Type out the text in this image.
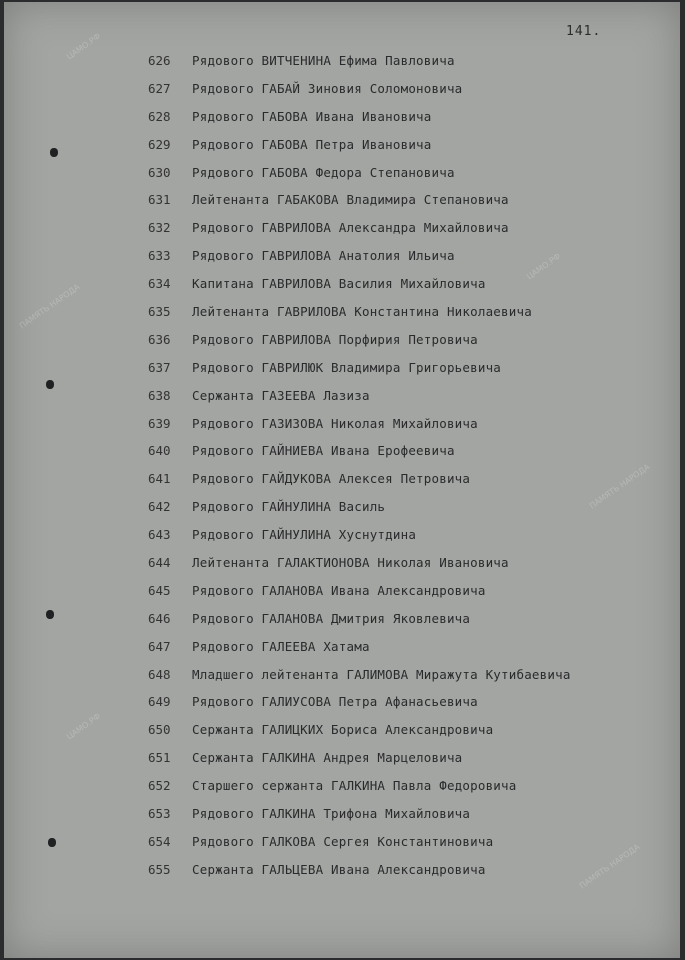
141.
626 Рядового ВИТЧЕНИНА Ефима Павловича
627 Рядового ГАБАЙ Зиновия Соломоновича
628 Рядового ГАБОВА Ивана Ивановича
629 Рядового ГАБОВА Петра Ивановича
630 Рядового ГАБОВА Федора Степановича
631 Лейтенанта ГАБАКОВА Владимира Степановича
632 Рядового ГАВРИЛОВА Александра Михайловича
633 Рядового ГАВРИЛОВА Анатолия Ильича
634 Капитана ГАВРИЛОВА Василия Михайловича
635 Лейтенанта ГАВРИЛОВА Константина Николаевича
636 Рядового ГАВРИЛОВА Порфирия Петровича
637 Рядового ГАВРИЛЮК Владимира Григорьевича
638 Сержанта ГАЗЕЕВА Лазиза
639 Рядового ГАЗИЗОВА Николая Михайловича
640 Рядового ГАЙНИЕВА Ивана Ерофеевича
641 Рядового ГАЙДУКОВА Алексея Петровича
642 Рядового ГАЙНУЛИНА Василь
643 Рядового ГАЙНУЛИНА Хуснутдина
644 Лейтенанта ГАЛАКТИОНОВА Николая Ивановича
645 Рядового ГАЛАНОВА Ивана Александровича
646 Рядового ГАЛАНОВА Дмитрия Яковлевича
647 Рядового ГАЛЕЕВА Хатама
648 Младшего лейтенанта ГАЛИМОВА Миражута Кутибаевича
649 Рядового ГАЛИУСОВА Петра Афанасьевича
650 Сержанта ГАЛИЦКИХ Бориса Александровича
651 Сержанта ГАЛКИНА Андрея Марцеловича
652 Старшего сержанта ГАЛКИНА Павла Федоровича
653 Рядового ГАЛКИНА Трифона Михайловича
654 Рядового ГАЛКОВА Сергея Константиновича
655 Сержанта ГАЛЬЦЕВА Ивана Александровича
ЦАМО.РФ
ПАМЯТЬ НАРОДА
ЦАМО.РФ
ПАМЯТЬ НАРОДА
ЦАМО.РФ
ПАМЯТЬ НАРОДА
